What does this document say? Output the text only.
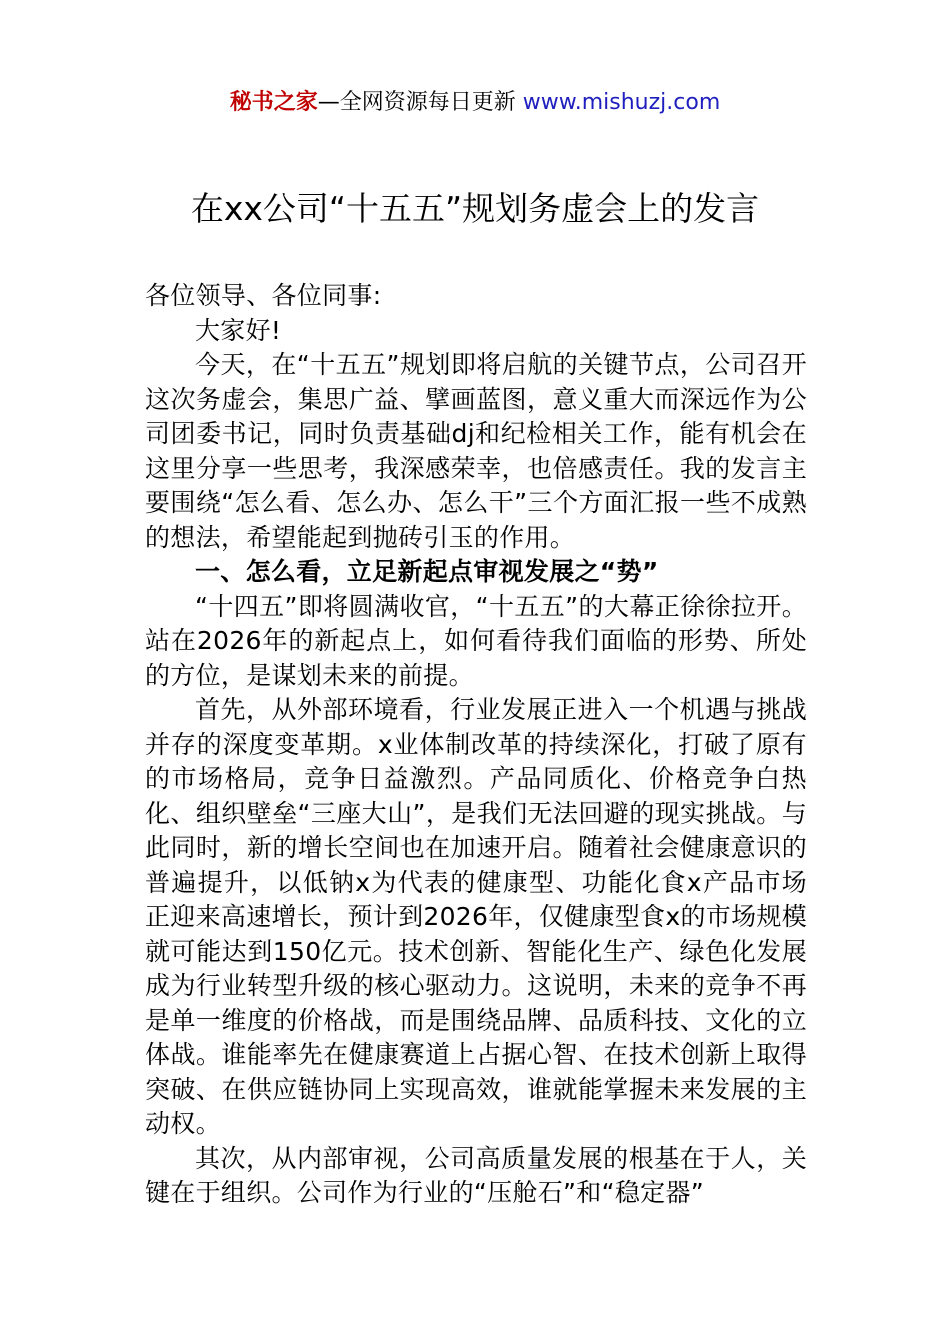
秘书之家—全网资源每日更新 www.mishuzj.com
在xx公司“十五五”规划务虚会上的发言

各位领导、各位同事:

大家好!

今天，在“十五五”规划即将启航的关键节点，公司召开这次务虚会，集思广益、擘画蓝图，意义重大而深远作为公司团委书记，同时负责基础dj和纪检相关工作，能有机会在这里分享一些思考，我深感荣幸，也倍感责任。我的发言主要围绕“怎么看、怎么办、怎么干”三个方面汇报一些不成熟的想法，希望能起到抛砖引玉的作用。

一、怎么看，立足新起点审视发展之“势”

“十四五”即将圆满收官，“十五五”的大幕正徐徐拉开。站在2026年的新起点上，如何看待我们面临的形势、所处的方位，是谋划未来的前提。

首先，从外部环境看，行业发展正进入一个机遇与挑战并存的深度变革期。x业体制改革的持续深化，打破了原有的市场格局，竞争日益激烈。产品同质化、价格竞争白热化、组织壁垒“三座大山”，是我们无法回避的现实挑战。与此同时，新的增长空间也在加速开启。随着社会健康意识的普遍提升，以低钠x为代表的健康型、功能化食x产品市场正迎来高速增长，预计到2026年，仅健康型食x的市场规模就可能达到150亿元。技术创新、智能化生产、绿色化发展成为行业转型升级的核心驱动力。这说明，未来的竞争不再是单一维度的价格战，而是围绕品牌、品质科技、文化的立体战。谁能率先在健康赛道上占据心智、在技术创新上取得突破、在供应链协同上实现高效，谁就能掌握未来发展的主动权。

其次，从内部审视，公司高质量发展的根基在于人，关键在于组织。公司作为行业的“压舱石”和“稳定器”
